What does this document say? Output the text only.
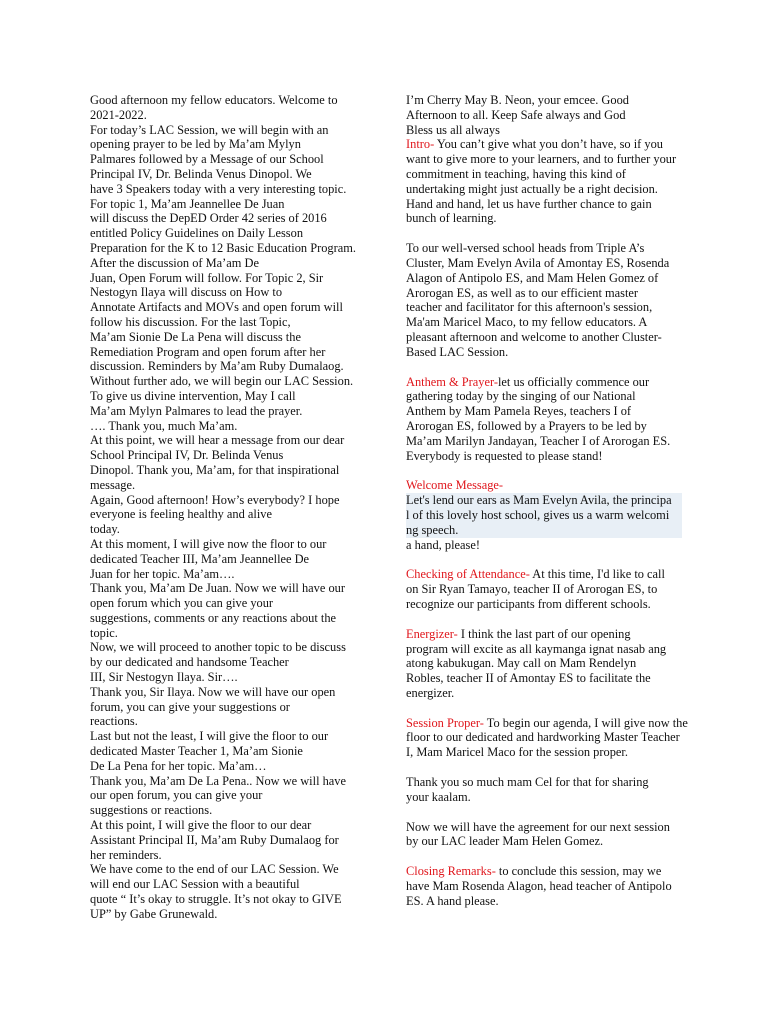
Good afternoon my fellow educators. Welcome to
2021-2022.
For today’s LAC Session, we will begin with an
opening prayer to be led by Ma’am Mylyn
Palmares followed by a Message of our School
Principal IV, Dr. Belinda Venus Dinopol. We
have 3 Speakers today with a very interesting topic.
For topic 1, Ma’am Jeannellee De Juan
will discuss the DepED Order 42 series of 2016
entitled Policy Guidelines on Daily Lesson
Preparation for the K to 12 Basic Education Program.
After the discussion of Ma’am De
Juan, Open Forum will follow. For Topic 2, Sir
Nestogyn Ilaya will discuss on How to
Annotate Artifacts and MOVs and open forum will
follow his discussion. For the last Topic,
Ma’am Sionie De La Pena will discuss the
Remediation Program and open forum after her
discussion. Reminders by Ma’am Ruby Dumalaog.
Without further ado, we will begin our LAC Session.
To give us divine intervention, May I call
Ma’am Mylyn Palmares to lead the prayer.
…. Thank you, much Ma’am.
At this point, we will hear a message from our dear
School Principal IV, Dr. Belinda Venus
Dinopol. Thank you, Ma’am, for that inspirational
message.
Again, Good afternoon! How’s everybody? I hope
everyone is feeling healthy and alive
today.
At this moment, I will give now the floor to our
dedicated Teacher III, Ma’am Jeannellee De
Juan for her topic. Ma’am….
Thank you, Ma’am De Juan. Now we will have our
open forum which you can give your
suggestions, comments or any reactions about the
topic.
Now, we will proceed to another topic to be discuss
by our dedicated and handsome Teacher
III, Sir Nestogyn Ilaya. Sir….
Thank you, Sir Ilaya. Now we will have our open
forum, you can give your suggestions or
reactions.
Last but not the least, I will give the floor to our
dedicated Master Teacher 1, Ma’am Sionie
De La Pena for her topic. Ma’am…
Thank you, Ma’am De La Pena.. Now we will have
our open forum, you can give your
suggestions or reactions.
At this point, I will give the floor to our dear
Assistant Principal II, Ma’am Ruby Dumalaog for
her reminders.
We have come to the end of our LAC Session. We
will end our LAC Session with a beautiful
quote “ It’s okay to struggle. It’s not okay to GIVE
UP” by Gabe Grunewald.
I’m Cherry May B. Neon, your emcee. Good
Afternoon to all. Keep Safe always and God
Bless us all always
Intro- You can’t give what you don’t have, so if you
want to give more to your learners, and to further your
commitment in teaching, having this kind of
undertaking might just actually be a right decision.
Hand and hand, let us have further chance to gain
bunch of learning.
To our well-versed school heads from Triple A’s
Cluster, Mam Evelyn Avila of Amontay ES, Rosenda
Alagon of Antipolo ES, and Mam Helen Gomez of
Arorogan ES, as well as to our efficient master
teacher and facilitator for this afternoon's session,
Ma'am Maricel Maco, to my fellow educators. A
pleasant afternoon and welcome to another Cluster-
Based LAC Session.
Anthem & Prayer-let us officially commence our
gathering today by the singing of our National
Anthem by Mam Pamela Reyes, teachers I of
Arorogan ES, followed by a Prayers to be led by
Ma’am Marilyn Jandayan, Teacher I of Arorogan ES.
Everybody is requested to please stand!
Welcome Message-
Let's lend our ears as Mam Evelyn Avila, the principa
l of this lovely host school, gives us a warm welcomi
ng speech.
a hand, please!
Checking of Attendance- At this time, I'd like to call
on Sir Ryan Tamayo, teacher II of Arorogan ES, to
recognize our participants from different schools.
Energizer- I think the last part of our opening
program will excite as all kaymanga ignat nasab ang
atong kabukugan. May call on Mam Rendelyn
Robles, teacher II of Amontay ES to facilitate the
energizer.
Session Proper- To begin our agenda, I will give now the
floor to our dedicated and hardworking Master Teacher
I, Mam Maricel Maco for the session proper.
Thank you so much mam Cel for that for sharing
your kaalam.
Now we will have the agreement for our next session
by our LAC leader Mam Helen Gomez.
Closing Remarks- to conclude this session, may we
have Mam Rosenda Alagon, head teacher of Antipolo
ES. A hand please.
